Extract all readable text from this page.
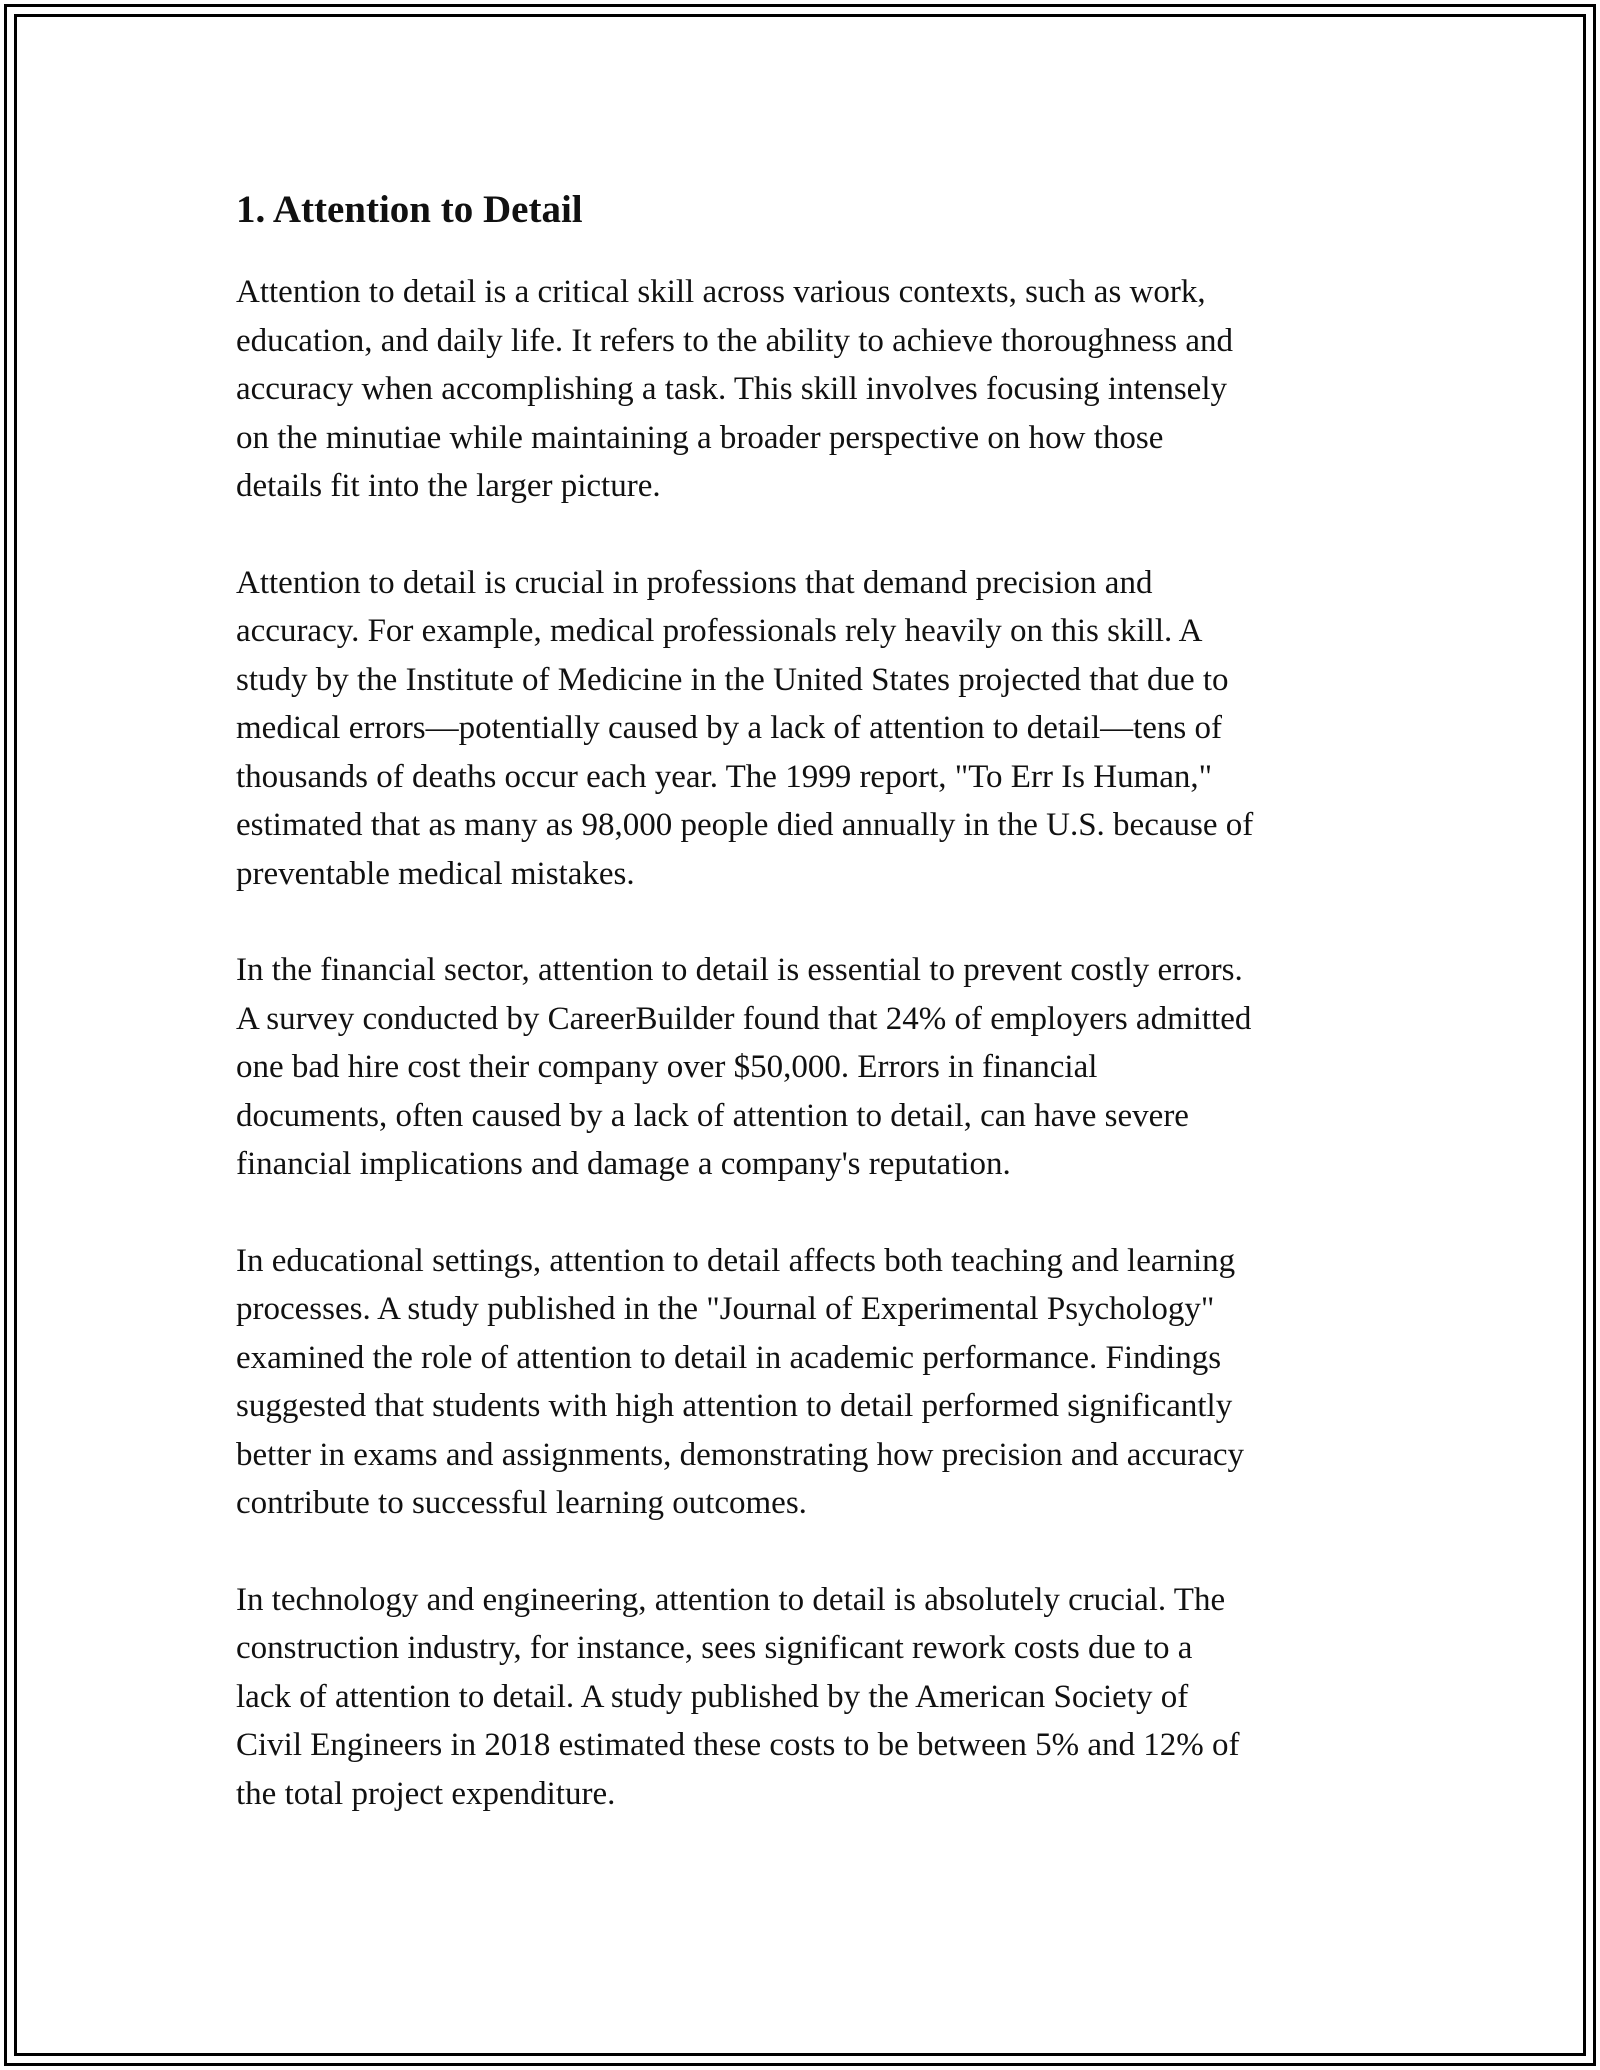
1. Attention to Detail

Attention to detail is a critical skill across various contexts, such as work,
education, and daily life. It refers to the ability to achieve thoroughness and
accuracy when accomplishing a task. This skill involves focusing intensely
on the minutiae while maintaining a broader perspective on how those
details fit into the larger picture.

Attention to detail is crucial in professions that demand precision and
accuracy. For example, medical professionals rely heavily on this skill. A
study by the Institute of Medicine in the United States projected that due to
medical errors—potentially caused by a lack of attention to detail—tens of
thousands of deaths occur each year. The 1999 report, "To Err Is Human,"
estimated that as many as 98,000 people died annually in the U.S. because of
preventable medical mistakes.

In the financial sector, attention to detail is essential to prevent costly errors.
A survey conducted by CareerBuilder found that 24% of employers admitted
one bad hire cost their company over $50,000. Errors in financial
documents, often caused by a lack of attention to detail, can have severe
financial implications and damage a company's reputation.

In educational settings, attention to detail affects both teaching and learning
processes. A study published in the "Journal of Experimental Psychology"
examined the role of attention to detail in academic performance. Findings
suggested that students with high attention to detail performed significantly
better in exams and assignments, demonstrating how precision and accuracy
contribute to successful learning outcomes.

In technology and engineering, attention to detail is absolutely crucial. The
construction industry, for instance, sees significant rework costs due to a
lack of attention to detail. A study published by the American Society of
Civil Engineers in 2018 estimated these costs to be between 5% and 12% of
the total project expenditure.
